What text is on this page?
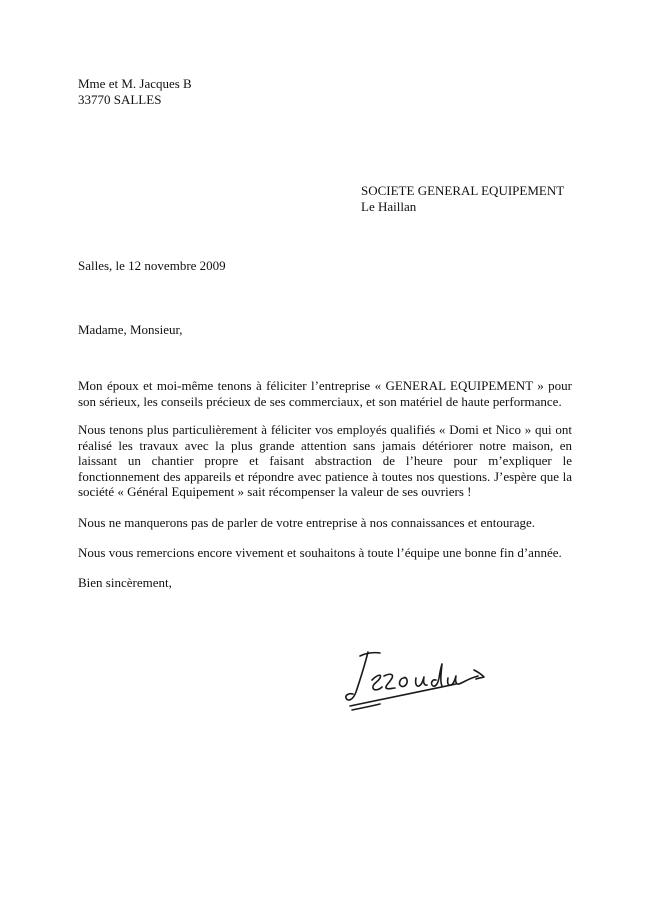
Mme et M. Jacques B

33770 SALLES

SOCIETE GENERAL EQUIPEMENT

Le Haillan

Salles, le 12 novembre 2009

Madame, Monsieur,

Mon époux et moi-même tenons à féliciter l’entreprise « GENERAL EQUIPEMENT » pour
son sérieux, les conseils précieux de ses commerciaux, et son matériel de haute performance.
Nous tenons plus particulièrement à féliciter vos employés qualifiés « Domi et Nico » qui ont
réalisé les travaux avec la plus grande attention sans jamais détériorer notre maison, en
laissant un chantier propre et faisant abstraction de l’heure pour m’expliquer le
fonctionnement des appareils et répondre avec patience à toutes nos questions. J’espère que la
société « Général Equipement » sait récompenser la valeur de ses ouvriers !
Nous ne manquerons pas de parler de votre entreprise à nos connaissances et entourage.
Nous vous remercions encore vivement et souhaitons à toute l’équipe une bonne fin d’année.

Bien sincèrement,
